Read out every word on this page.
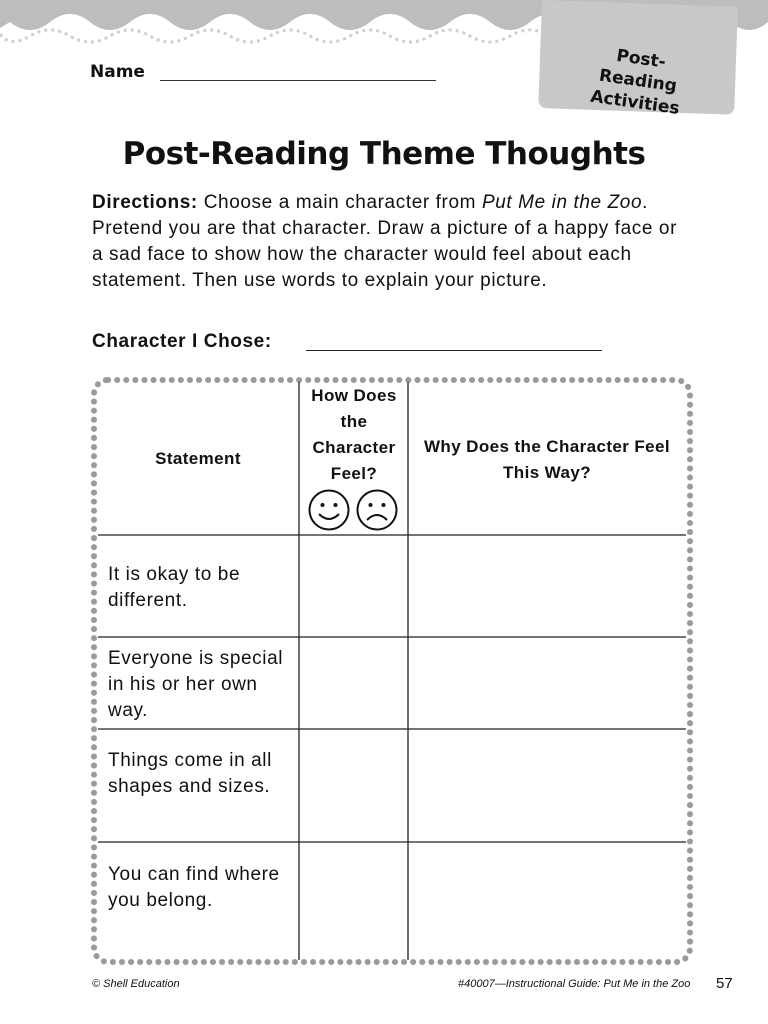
Post-Reading Activities
Name
Post-Reading Theme Thoughts
Directions: Choose a main character from Put Me in the Zoo. Pretend you are that character. Draw a picture of a happy face or a sad face to show how the character would feel about each statement. Then use words to explain your picture.
Character I Chose:
Statement
How Does the Character Feel?
Why Does the Character Feel This Way?
It is okay to be different.
Everyone is special in his or her own way.
Things come in all shapes and sizes.
You can find where you belong.
© Shell Education	#40007—Instructional Guide: Put Me in the Zoo 57
